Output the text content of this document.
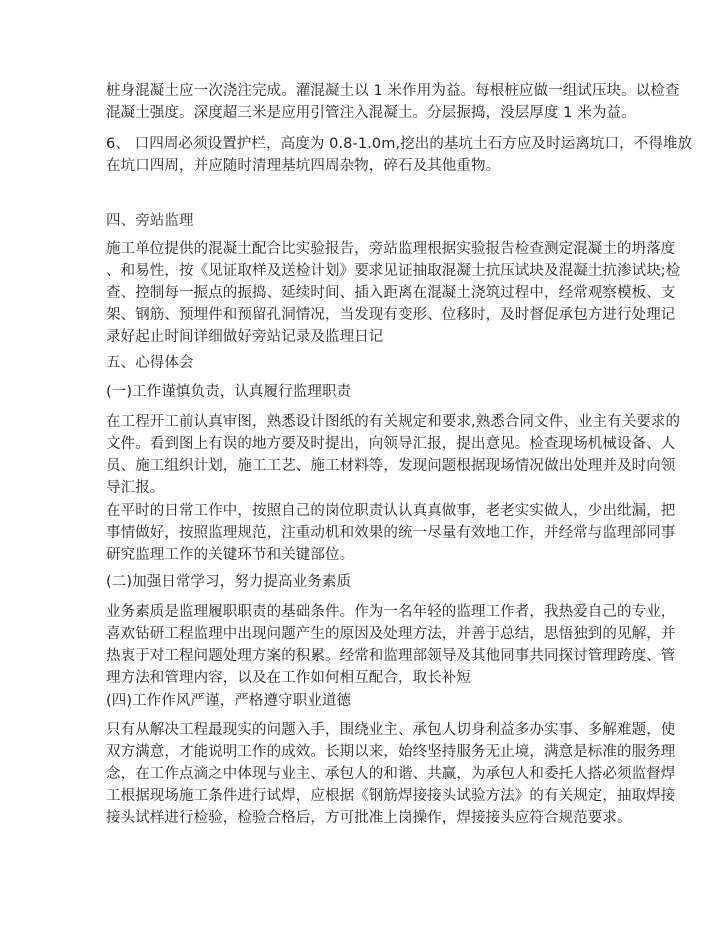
桩身混凝土应一次浇注完成。灌混凝土以 1 米作用为益。每根桩应做一组试压块。以检查
混凝土强度。深度超三米是应用引管注入混凝土。分层振捣，没层厚度 1 米为益。
6、 口四周必须设置护栏，高度为 0.8-1.0m,挖出的基坑土石方应及时运离坑口，不得堆放
在坑口四周，并应随时清理基坑四周杂物，碎石及其他重物。
四、旁站监理
施工单位提供的混凝土配合比实验报告，旁站监理根据实验报告检查测定混凝土的坍落度
、和易性，按《见证取样及送检计划》要求见证抽取混凝土抗压试块及混凝土抗渗试块;检
查、控制每一振点的振捣、延续时间、插入距离在混凝土浇筑过程中，经常观察模板、支
架、钢筋、预埋件和预留孔洞情况，当发现有变形、位移时，及时督促承包方进行处理记
录好起止时间详细做好旁站记录及监理日记
五、心得体会
(一)工作谨慎负责，认真履行监理职责
在工程开工前认真审图，熟悉设计图纸的有关规定和要求,熟悉合同文件、业主有关要求的
文件。看到图上有误的地方要及时提出，向领导汇报，提出意见。检查现场机械设备、人
员、施工组织计划，施工工艺、施工材料等，发现问题根据现场情况做出处理并及时向领
导汇报。
在平时的日常工作中，按照自己的岗位职责认认真真做事，老老实实做人，少出纰漏，把
事情做好，按照监理规范，注重动机和效果的统一尽量有效地工作，并经常与监理部同事
研究监理工作的关键环节和关键部位。
(二)加强日常学习，努力提高业务素质
业务素质是监理履职职责的基础条件。作为一名年轻的监理工作者，我热爱自己的专业，
喜欢钻研工程监理中出现问题产生的原因及处理方法，并善于总结，思悟独到的见解，并
热衷于对工程问题处理方案的积累。经常和监理部领导及其他同事共同探讨管理跨度、管
理方法和管理内容，以及在工作如何相互配合，取长补短
(四)工作作风严谨，严格遵守职业道德
只有从解决工程最现实的问题入手，围绕业主、承包人切身利益多办实事、多解难题，使
双方满意，才能说明工作的成效。长期以来，始终坚持服务无止境，满意是标准的服务理
念，在工作点滴之中体现与业主、承包人的和谐、共赢，为承包人和委托人搭必须监督焊
工根据现场施工条件进行试焊，应根据《钢筋焊接接头试验方法》的有关规定，抽取焊接
接头试样进行检验，检验合格后，方可批准上岗操作，焊接接头应符合规范要求。
